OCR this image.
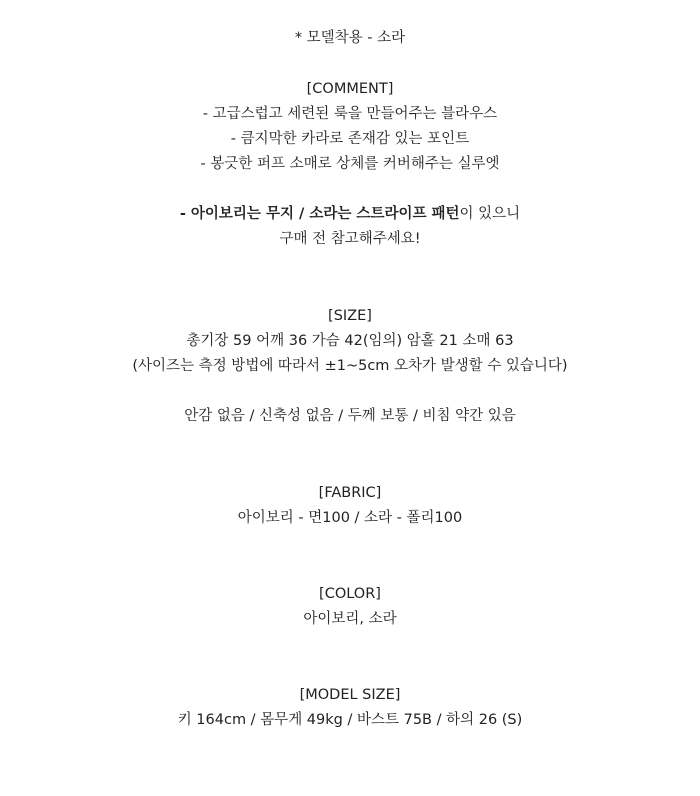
* 모델착용 - 소라
[COMMENT]
- 고급스럽고 세련된 룩을 만들어주는 블라우스
- 큼지막한 카라로 존재감 있는 포인트
- 봉긋한 퍼프 소매로 상체를 커버해주는 실루엣
- 아이보리는 무지 / 소라는 스트라이프 패턴이 있으니
구매 전 참고해주세요!
[SIZE]
총기장 59 어깨 36 가슴 42(임의) 암홀 21 소매 63
(사이즈는 측정 방법에 따라서 ±1~5cm 오차가 발생할 수 있습니다)
안감 없음 / 신축성 없음 / 두께 보통 / 비침 약간 있음
[FABRIC]
아이보리 - 면100 / 소라 - 폴리100
[COLOR]
아이보리, 소라
[MODEL SIZE]
키 164cm / 몸무게 49kg / 바스트 75B / 하의 26 (S)
